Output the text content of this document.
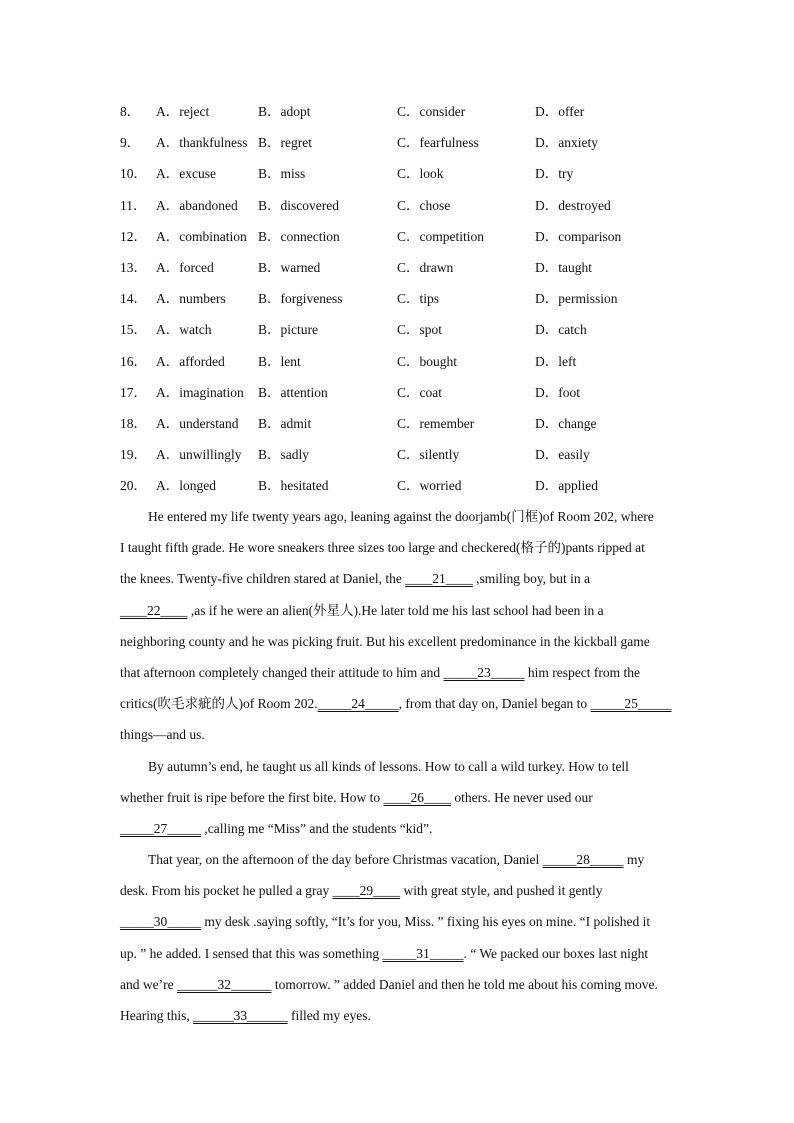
8． A．reject	B．adopt	C．consider	D．offer
9． A．thankfulness B．regret	C．fearfulness	D．anxiety
10． A．excuse	B．miss	C．look	D．try
11． A．abandoned B．discovered	C．chose	D．destroyed
12． A．combination B．connection	C．competition	D．comparison
13． A．forced	B．warned	C．drawn	D．taught
14． A．numbers B．forgiveness	C．tips	D．permission
15． A．watch	B．picture	C．spot	D．catch
16． A．afforded B．lent	C．bought	D．left
17． A．imagination B．attention	C．coat	D．foot
18． A．understand B．admit	C．remember	D．change
19． A．unwillingly B．sadly	C．silently	D．easily
20． A．longed	B．hesitated	C．worried	D．applied
He entered my life twenty years ago, leaning against the doorjamb(门框)of Room 202, where
I taught fifth grade. He wore sneakers three sizes too large and checkered(格子的)pants ripped at
the knees. Twenty-five children stared at Daniel, the ____21____ ,smiling boy, but in a
____22____ ,as if he were an alien(外星人).He later told me his last school had been in a
neighboring county and he was picking fruit. But his excellent predominance in the kickball game
that afternoon completely changed their attitude to him and _____23_____ him respect from the
critics(吹毛求疵的人)of Room 202._____24_____, from that day on, Daniel began to _____25_____
things—and us.
By autumn’s end, he taught us all kinds of lessons. How to call a wild turkey. How to tell
whether fruit is ripe before the first bite. How to ____26____ others. He never used our
_____27_____ ,calling me “Miss” and the students “kid”.
That year, on the afternoon of the day before Christmas vacation, Daniel _____28_____ my
desk. From his pocket he pulled a gray ____29____ with great style, and pushed it gently
_____30_____ my desk .saying softly, “It’s for you, Miss. ” fixing his eyes on mine. “I polished it
up. ” he added. I sensed that this was something _____31_____. “ We packed our boxes last night
and we’re ______32______ tomorrow. ” added Daniel and then he told me about his coming move.
Hearing this, ______33______ filled my eyes.
